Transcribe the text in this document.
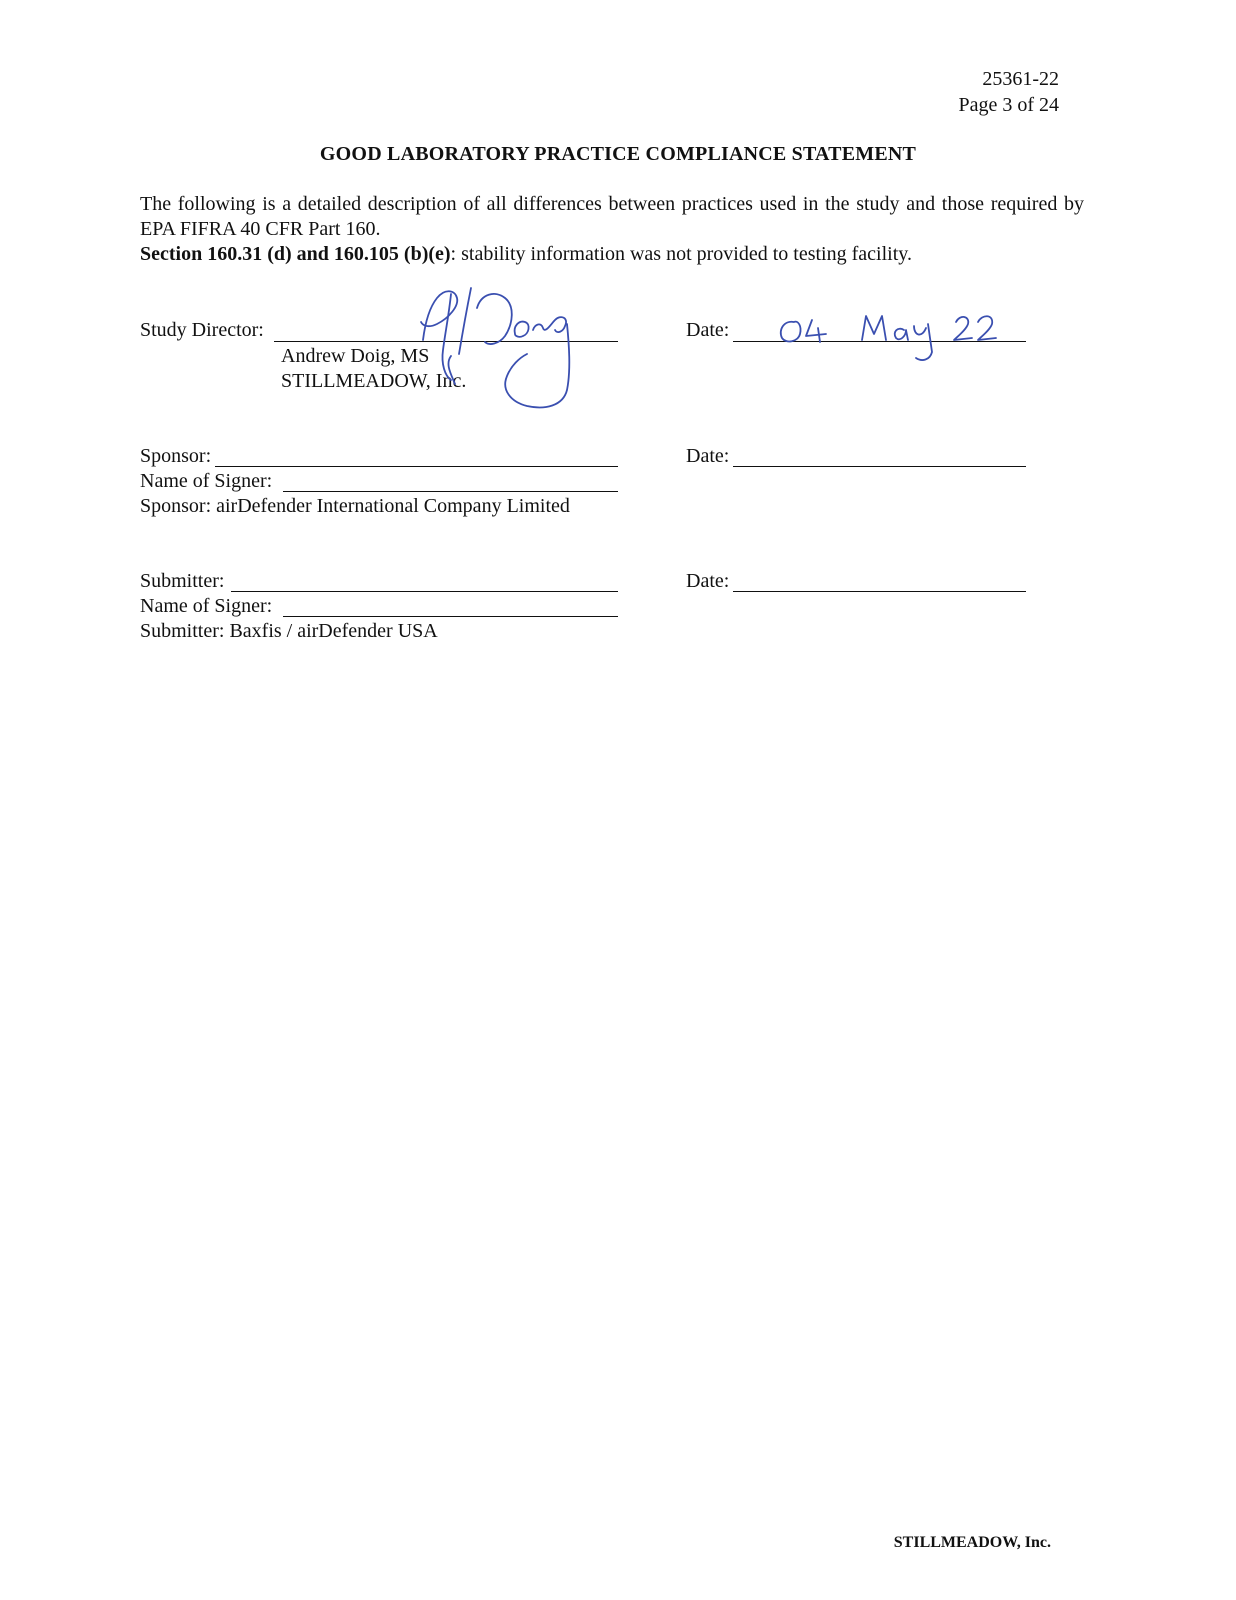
25361-22
Page 3 of 24
GOOD LABORATORY PRACTICE COMPLIANCE STATEMENT
The following is a detailed description of all differences between practices used in the study and those required by EPA FIFRA 40 CFR Part 160.
Section 160.31 (d) and 160.105 (b)(e): stability information was not provided to testing facility.
Study Director:
Andrew Doig, MS
STILLMEADOW, Inc.
Date:
Sponsor:
Name of Signer:
Sponsor: airDefender International Company Limited
Date:
Submitter:
Name of Signer:
Submitter: Baxfis / airDefender USA
Date:
STILLMEADOW, Inc.
